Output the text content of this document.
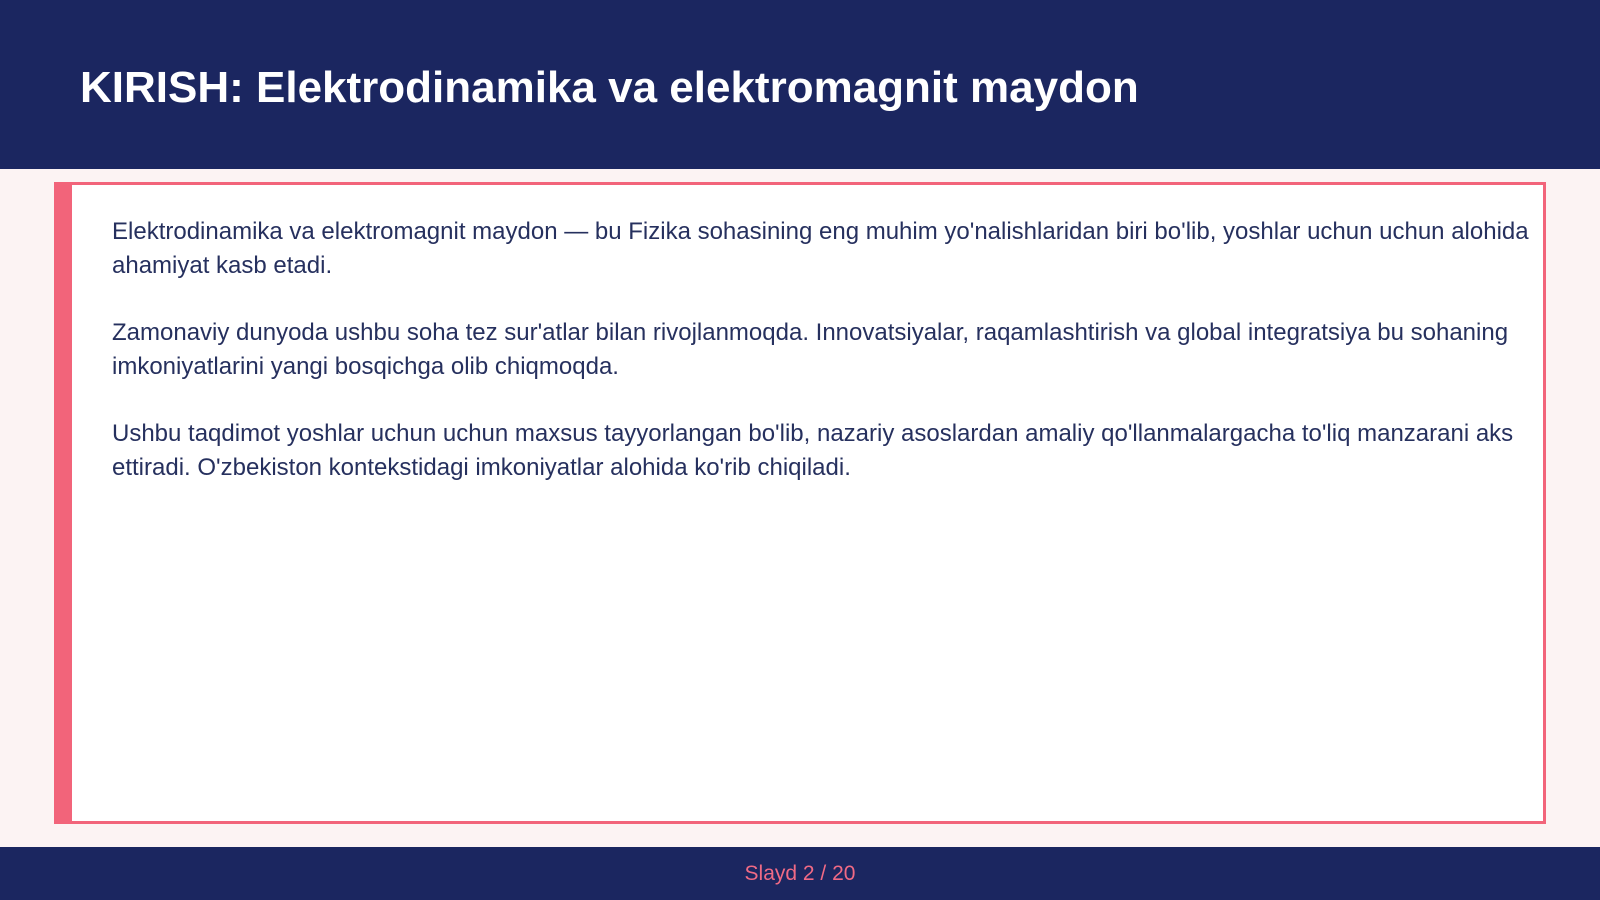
KIRISH: Elektrodinamika va elektromagnit maydon

Elektrodinamika va elektromagnit maydon — bu Fizika sohasining eng muhim yo'nalishlaridan biri bo'lib, yoshlar uchun uchun alohida ahamiyat kasb etadi.

Zamonaviy dunyoda ushbu soha tez sur'atlar bilan rivojlanmoqda. Innovatsiyalar, raqamlashtirish va global integratsiya bu sohaning imkoniyatlarini yangi bosqichga olib chiqmoqda.

Ushbu taqdimot yoshlar uchun uchun maxsus tayyorlangan bo'lib, nazariy asoslardan amaliy qo'llanmalargacha to'liq manzarani aks ettiradi. O'zbekiston kontekstidagi imkoniyatlar alohida ko'rib chiqiladi.

Slayd 2 / 20
